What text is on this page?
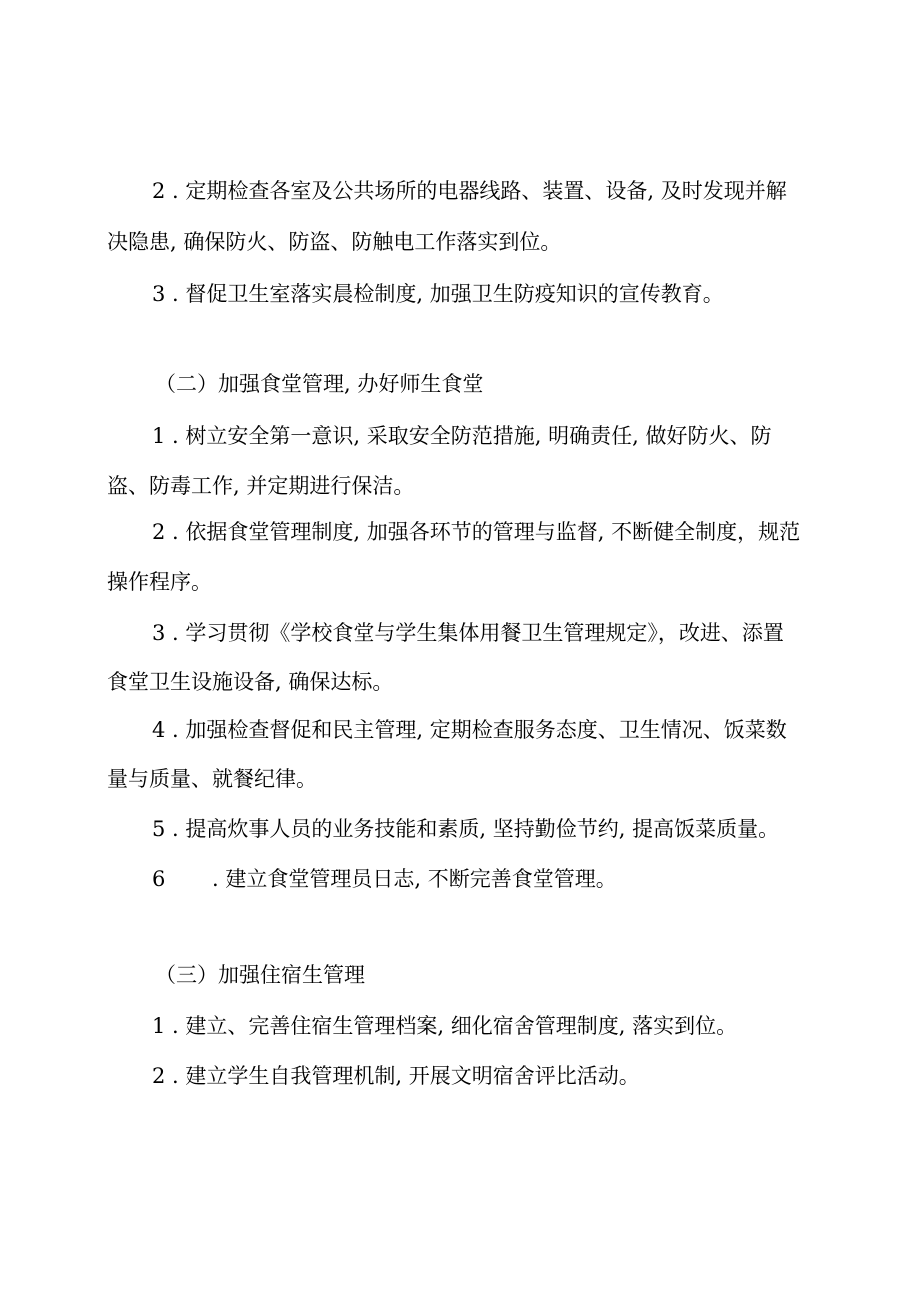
2 . 定期检查各室及公共场所的电器线路、装置、设备, 及时发现并解

决隐患, 确保防火、防盗、防触电工作落实到位。

3 . 督促卫生室落实晨检制度, 加强卫生防疫知识的宣传教育。

（二）加强食堂管理, 办好师生食堂

1 . 树立安全第一意识, 采取安全防范措施, 明确责任, 做好防火、防

盗、防毒工作, 并定期进行保洁。

2 . 依据食堂管理制度, 加强各环节的管理与监督, 不断健全制度，规范

操作程序。

3 . 学习贯彻《学校食堂与学生集体用餐卫生管理规定》，改进、添置

食堂卫生设施设备, 确保达标。

4 . 加强检查督促和民主管理, 定期检查服务态度、卫生情况、饭菜数

量与质量、就餐纪律。

5 . 提高炊事人员的业务技能和素质, 坚持勤俭节约, 提高饭菜质量。

6 . 建立食堂管理员日志, 不断完善食堂管理。

（三）加强住宿生管理

1 . 建立、完善住宿生管理档案, 细化宿舍管理制度, 落实到位。

2 . 建立学生自我管理机制, 开展文明宿舍评比活动。
